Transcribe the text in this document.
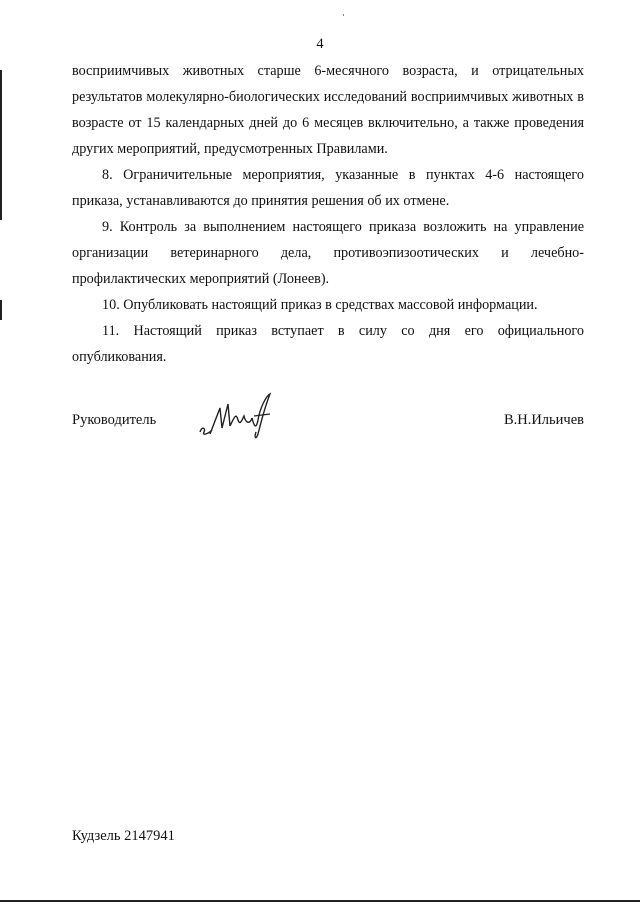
4

восприимчивых животных старше 6-месячного возраста, и отрицательных результатов молекулярно-биологических исследований восприимчивых животных в возрасте от 15 календарных дней до 6 месяцев включительно, а также проведения других мероприятий, предусмотренных Правилами.

8. Ограничительные мероприятия, указанные в пунктах 4-6 настоящего приказа, устанавливаются до принятия решения об их отмене.

9. Контроль за выполнением настоящего приказа возложить на управление организации ветеринарного дела, противоэпизоотических и лечебно-профилактических мероприятий (Лонеев).

10. Опубликовать настоящий приказ в средствах массовой информации.

11. Настоящий приказ вступает в силу со дня его официального опубликования.

Руководитель	В.Н.Ильичев
Кудзель 2147941
